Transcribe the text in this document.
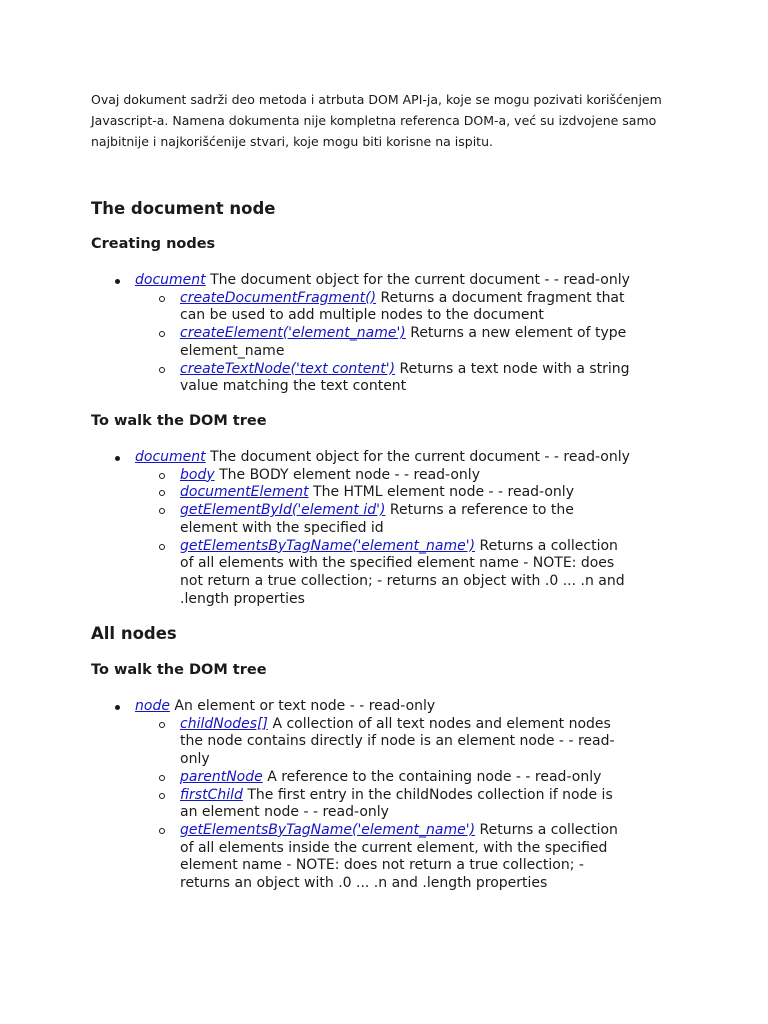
Ovaj dokument sadrži deo metoda i atrbuta DOM API-ja, koje se mogu pozivati korišćenjem Javascript-a. Namena dokumenta nije kompletna referenca DOM-a, već su izdvojene samo najbitnije i najkorišćenije stvari, koje mogu biti korisne na ispitu.

The document node
Creating nodes
document The document object for the current document - - read-only
createDocumentFragment() Returns a document fragment that can be used to add multiple nodes to the document
createElement('element_name') Returns a new element of type element_name
createTextNode('text content') Returns a text node with a string value matching the text content
To walk the DOM tree
document The document object for the current document - - read-only
body The BODY element node - - read-only
documentElement The HTML element node - - read-only
getElementById('element id') Returns a reference to the element with the specified id
getElementsByTagName('element_name') Returns a collection of all elements with the specified element name - NOTE: does not return a true collection; - returns an object with .0 ... .n and .length properties
All nodes
To walk the DOM tree
node An element or text node - - read-only
childNodes[] A collection of all text nodes and element nodes the node contains directly if node is an element node - - read-only
parentNode A reference to the containing node - - read-only
firstChild The first entry in the childNodes collection if node is an element node - - read-only
getElementsByTagName('element_name') Returns a collection of all elements inside the current element, with the specified element name - NOTE: does not return a true collection; - returns an object with .0 ... .n and .length properties
